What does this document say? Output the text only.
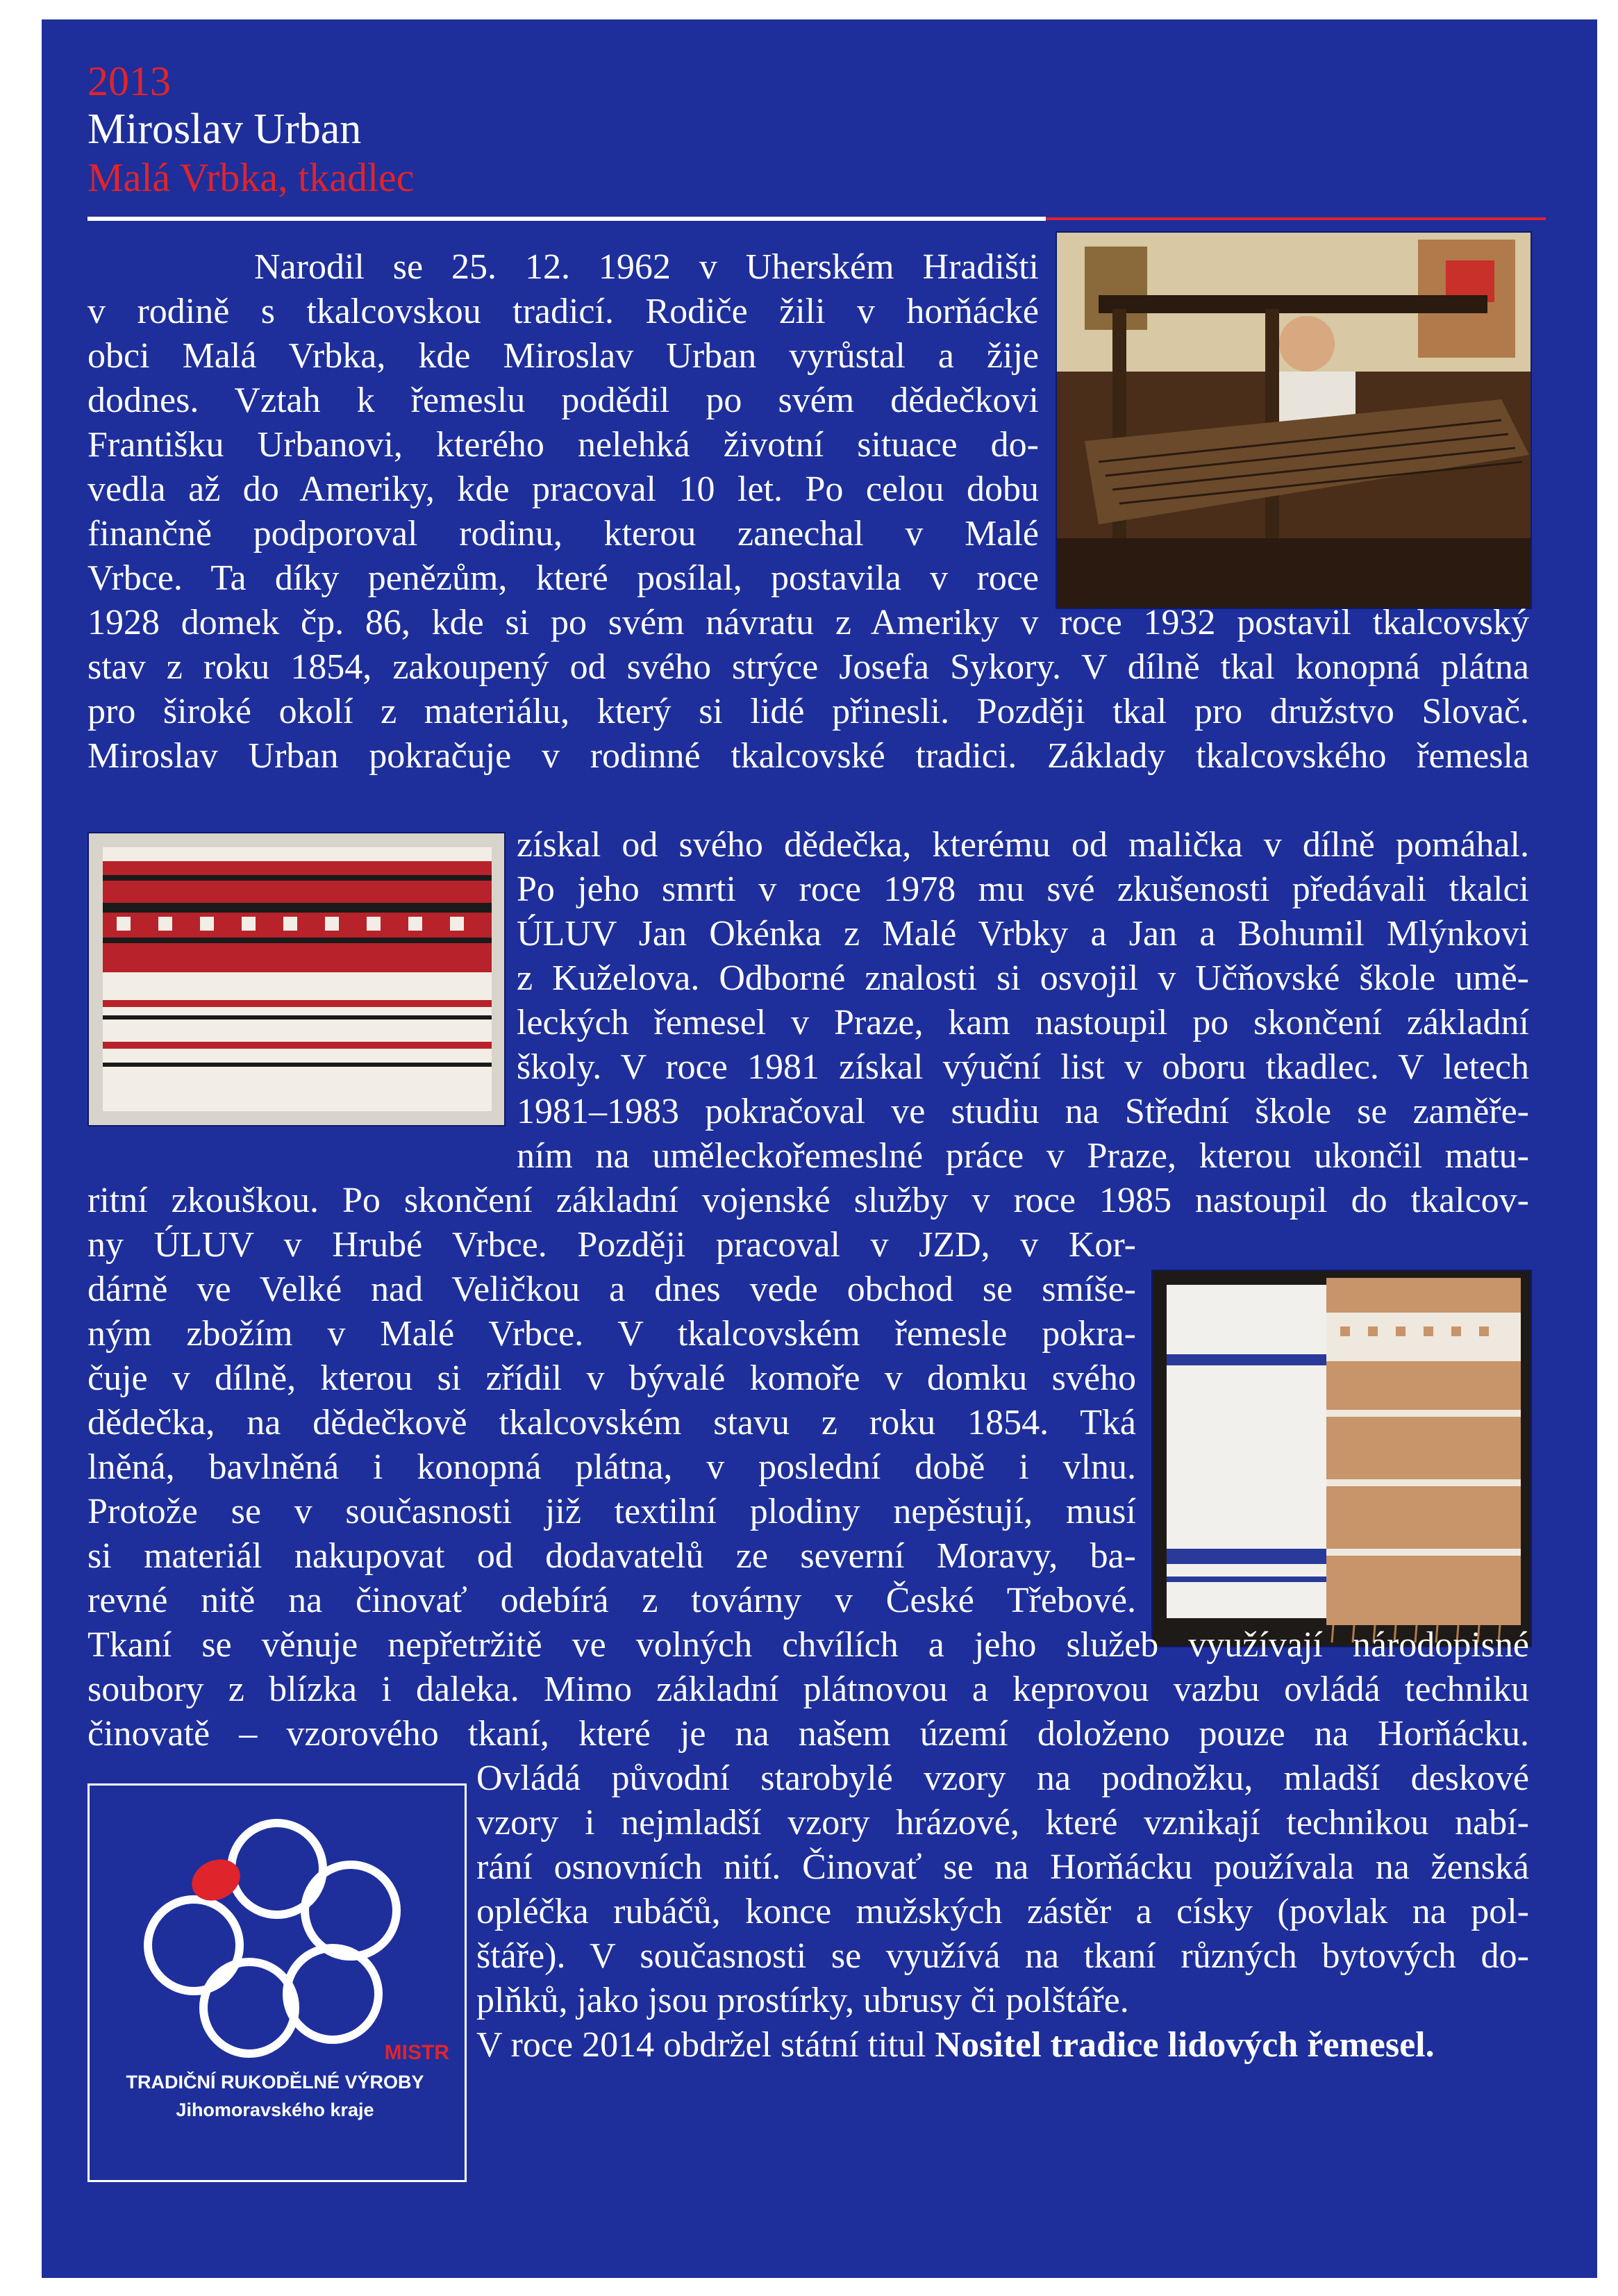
2013
Miroslav Urban
Malá Vrbka, tkadlec
Narodil se 25. 12. 1962 v Uherském Hradišti
v rodině s tkalcovskou tradicí. Rodiče žili v horňácké
obci Malá Vrbka, kde Miroslav Urban vyrůstal a žije
dodnes. Vztah k řemeslu podědil po svém dědečkovi
Františku Urbanovi, kterého nelehká životní situace do-
vedla až do Ameriky, kde pracoval 10 let. Po celou dobu
finančně podporoval rodinu, kterou zanechal v Malé
Vrbce. Ta díky penězům, které posílal, postavila v roce
1928 domek čp. 86, kde si po svém návratu z Ameriky v roce 1932 postavil tkalcovský
stav z roku 1854, zakoupený od svého strýce Josefa Sykory. V dílně tkal konopná plátna
pro široké okolí z materiálu, který si lidé přinesli. Později tkal pro družstvo Slovač.
Miroslav Urban pokračuje v rodinné tkalcovské tradici. Základy tkalcovského řemesla
získal od svého dědečka, kterému od malička v dílně pomáhal.
Po jeho smrti v roce 1978 mu své zkušenosti předávali tkalci
ÚLUV Jan Okénka z Malé Vrbky a Jan a Bohumil Mlýnkovi
z Kuželova. Odborné znalosti si osvojil v Učňovské škole umě-
leckých řemesel v Praze, kam nastoupil po skončení základní
školy. V roce 1981 získal výuční list v oboru tkadlec. V letech
1981–1983 pokračoval ve studiu na Střední škole se zaměře-
ním na uměleckořemeslné práce v Praze, kterou ukončil matu-
ritní zkouškou. Po skončení základní vojenské služby v roce 1985 nastoupil do tkalcov-
ny ÚLUV v Hrubé Vrbce. Později pracoval v JZD, v Kor-
dárně ve Velké nad Veličkou a dnes vede obchod se smíše-
ným zbožím v Malé Vrbce. V tkalcovském řemesle pokra-
čuje v dílně, kterou si zřídil v bývalé komoře v domku svého
dědečka, na dědečkově tkalcovském stavu z roku 1854. Tká
lněná, bavlněná i konopná plátna, v poslední době i vlnu.
Protože se v současnosti již textilní plodiny nepěstují, musí
si materiál nakupovat od dodavatelů ze severní Moravy, ba-
revné nitě na činovať odebírá z továrny v České Třebové.
Tkaní se věnuje nepřetržitě ve volných chvílích a jeho služeb využívají národopisné
soubory z blízka i daleka. Mimo základní plátnovou a keprovou vazbu ovládá techniku
činovatě – vzorového tkaní, které je na našem území doloženo pouze na Horňácku.
MISTR
TRADIČNÍ RUKODĚLNÉ VÝROBY
Jihomoravského kraje
Ovládá původní starobylé vzory na podnožku, mladší deskové
vzory i nejmladší vzory hrázové, které vznikají technikou nabí-
rání osnovních nití. Činovať se na Horňácku používala na ženská
opléčka rubáčů, konce mužských zástěr a císky (povlak na pol-
štáře). V současnosti se využívá na tkaní různých bytových do-
plňků, jako jsou prostírky, ubrusy či polštáře.
V roce 2014 obdržel státní titul Nositel tradice lidových řemesel.
